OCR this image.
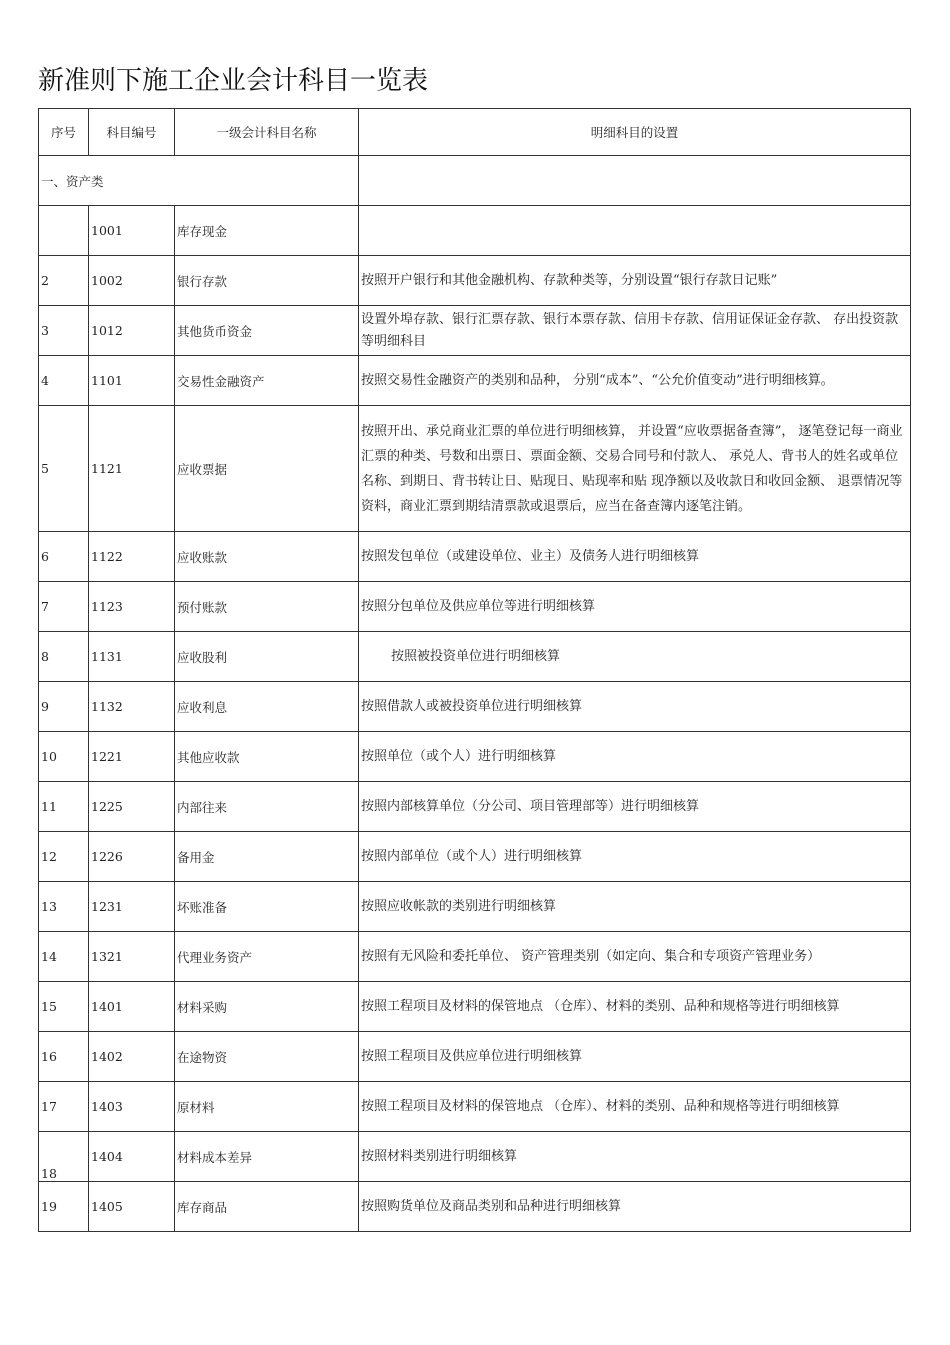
新准则下施工企业会计科目一览表
序号	科目编号	一级会计科目名称	明细科目的设置
一、资产类			
	1001	库存现金	
2	1002	银行存款	按照开户银行和其他金融机构、存款种类等，分别设置“银行存款日记账”
3	1012	其他货币资金	设置外埠存款、银行汇票存款、银行本票存款、信用卡存款、信用证保证金存款、 存出投资款等明细科目

4	1101	交易性金融资产	按照交易性金融资产的类别和品种， 分别“成本”、“公允价值变动”进行明细核算。

5	1121	应收票据	按照开出、承兑商业汇票的单位进行明细核算， 并设置“应收票据备查簿”， 逐笔登记每一商业汇票的种类、号数和出票日、票面金额、交易合同号和付款人、 承兑人、背书人的姓名或单位名称、到期日、背书转让日、贴现日、贴现率和贴 现净额以及收款日和收回金额、 退票情况等资料，商业汇票到期结清票款或退票后，应当在备查簿内逐笔注销。
6	1122	应收账款	按照发包单位（或建设单位、业主）及债务人进行明细核算
7	1123	预付账款	按照分包单位及供应单位等进行明细核算
8	1131	应收股利	按照被投资单位进行明细核算
9	1132	应收利息	按照借款人或被投资单位进行明细核算
10	1221	其他应收款	按照单位（或个人）进行明细核算
11	1225	内部往来	按照内部核算单位（分公司、项目管理部等）进行明细核算
12	1226	备用金	按照内部单位（或个人）进行明细核算
13	1231	坏账准备	按照应收帐款的类别进行明细核算
14	1321	代理业务资产	按照有无风险和委托单位、 资产管理类别（如定向、集合和专项资产管理业务）

15	1401	材料采购	按照工程项目及材料的保管地点 （仓库）、材料的类别、品种和规格等进行明细核算

16	1402	在途物资	按照工程项目及供应单位进行明细核算
17	1403	原材料	按照工程项目及材料的保管地点 （仓库）、材料的类别、品种和规格等进行明细核算

18	1404	材料成本差异	按照材料类别进行明细核算
19	1405	库存商品	按照购货单位及商品类别和品种进行明细核算
